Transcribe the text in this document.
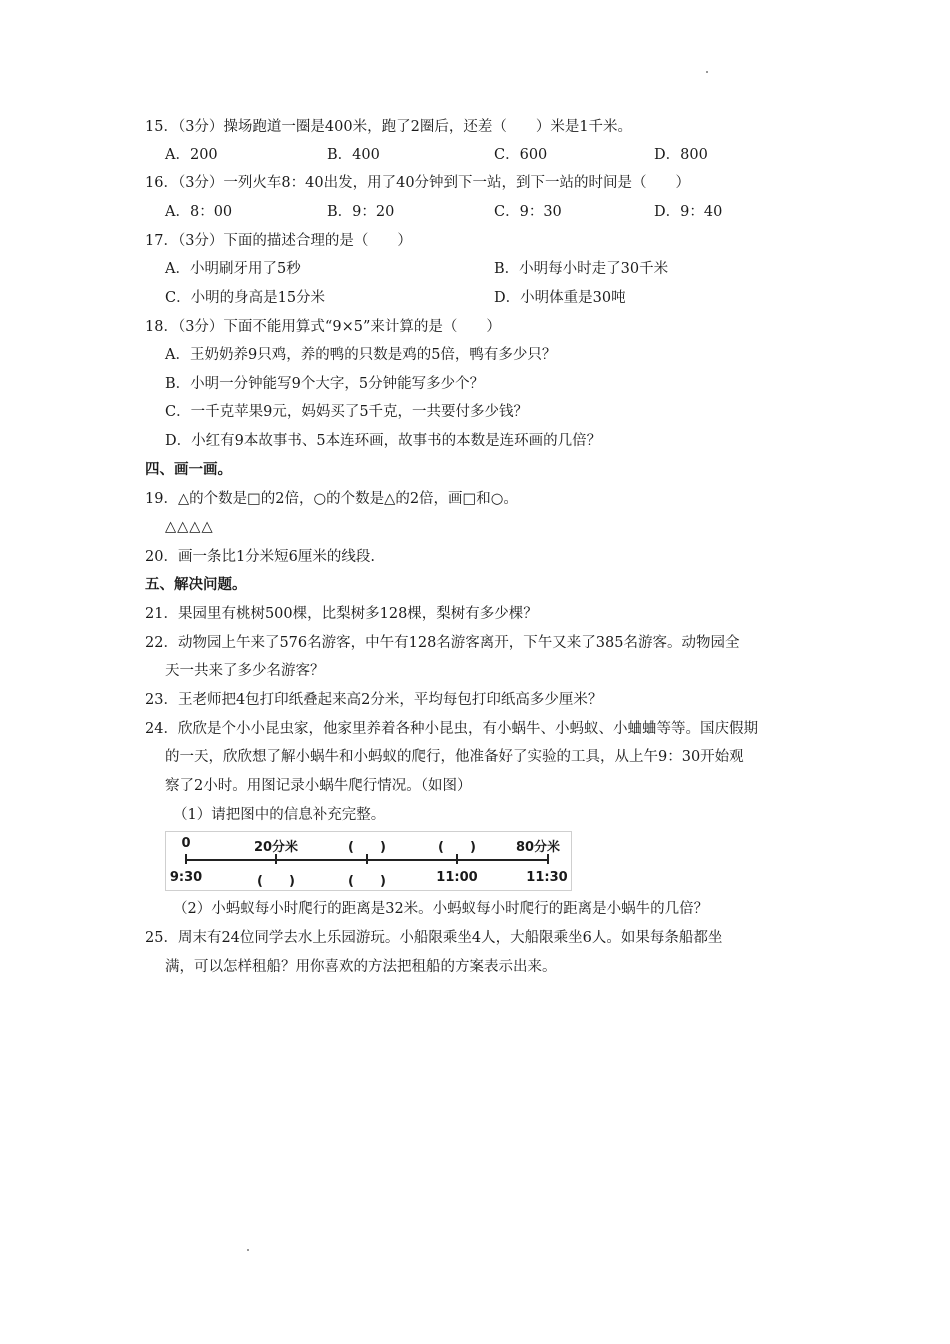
15．（3分）操场跑道一圈是400米，跑了2圈后，还差（　　）米是1千米。
A．200	B．400	C．600	D．800
16．（3分）一列火车8：40出发，用了40分钟到下一站，到下一站的时间是（　　）
A．8：00	B．9：20	C．9：30	D．9：40
17．（3分）下面的描述合理的是（　　）
A．小明刷牙用了5秒	B．小明每小时走了30千米
C．小明的身高是15分米	D．小明体重是30吨
18．（3分）下面不能用算式“9×5”来计算的是（　　）
A．王奶奶养9只鸡，养的鸭的只数是鸡的5倍，鸭有多少只？
B．小明一分钟能写9个大字，5分钟能写多少个？
C．一千克苹果9元，妈妈买了5千克，一共要付多少钱？
D．小红有9本故事书、5本连环画，故事书的本数是连环画的几倍？
四、画一画。
19．△的个数是□的2倍，○的个数是△的2倍，画□和○。
△△△△
20．画一条比1分米短6厘米的线段.
五、解决问题。
21．果园里有桃树500棵，比梨树多128棵，梨树有多少棵？
22．动物园上午来了576名游客，中午有128名游客离开，下午又来了385名游客。动物园全
天一共来了多少名游客？
23．王老师把4包打印纸叠起来高2分米，平均每包打印纸高多少厘米？
24．欣欣是个小小昆虫家，他家里养着各种小昆虫，有小蜗牛、小蚂蚁、小蛐蛐等等。国庆假期
的一天，欣欣想了解小蜗牛和小蚂蚁的爬行，他准备好了实验的工具，从上午9：30开始观
察了2小时。用图记录小蜗牛爬行情况。（如图）
（1）请把图中的信息补充完整。
0	20分米	(　　)	(　　)	80分米
9:30	(　　)	(　　)	11:00	11:30
（2）小蚂蚁每小时爬行的距离是32米。小蚂蚁每小时爬行的距离是小蜗牛的几倍？
25．周末有24位同学去水上乐园游玩。小船限乘坐4人，大船限乘坐6人。如果每条船都坐
满，可以怎样租船？用你喜欢的方法把租船的方案表示出来。
